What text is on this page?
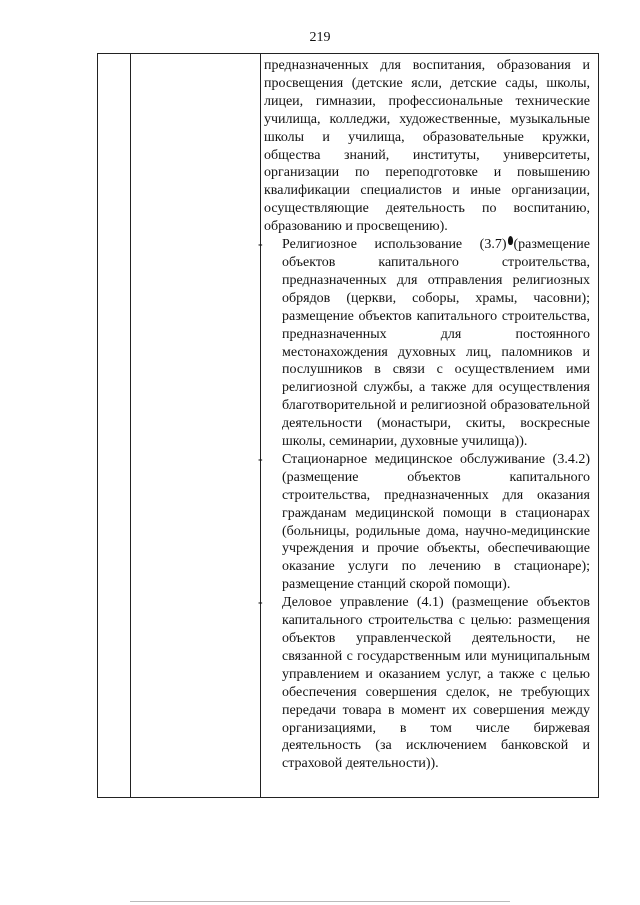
219

предназначенных для воспитания, образования и просвещения (детские ясли, детские сады, школы, лицеи, гимназии, профессиональные технические училища, колледжи, художественные, музыкальные школы и училища, образовательные кружки, общества знаний, институты, университеты, организации по переподготовке и повышению квалификации специалистов и иные организации, осуществляющие деятельность по воспитанию, образованию и просвещению).

- Религиозное использование (3.7) (размещение объектов капитального строительства, предназначенных для отправления религиозных обрядов (церкви, соборы, храмы, часовни); размещение объектов капитального строительства, предназначенных для постоянного местонахождения духовных лиц, паломников и послушников в связи с осуществлением ими религиозной службы, а также для осуществления благотворительной и религиозной образовательной деятельности (монастыри, скиты, воскресные школы, семинарии, духовные училища)).

- Стационарное медицинское обслуживание (3.4.2) (размещение объектов капитального строительства, предназначенных для оказания гражданам медицинской помощи в стационарах (больницы, родильные дома, научно-медицинские учреждения и прочие объекты, обеспечивающие оказание услуги по лечению в стационаре); размещение станций скорой помощи).

- Деловое управление (4.1) (размещение объектов капитального строительства с целью: размещения объектов управленческой деятельности, не связанной с государственным или муниципальным управлением и оказанием услуг, а также с целью обеспечения совершения сделок, не требующих передачи товара в момент их совершения между организациями, в том числе биржевая деятельность (за исключением банковской и страховой деятельности)).
